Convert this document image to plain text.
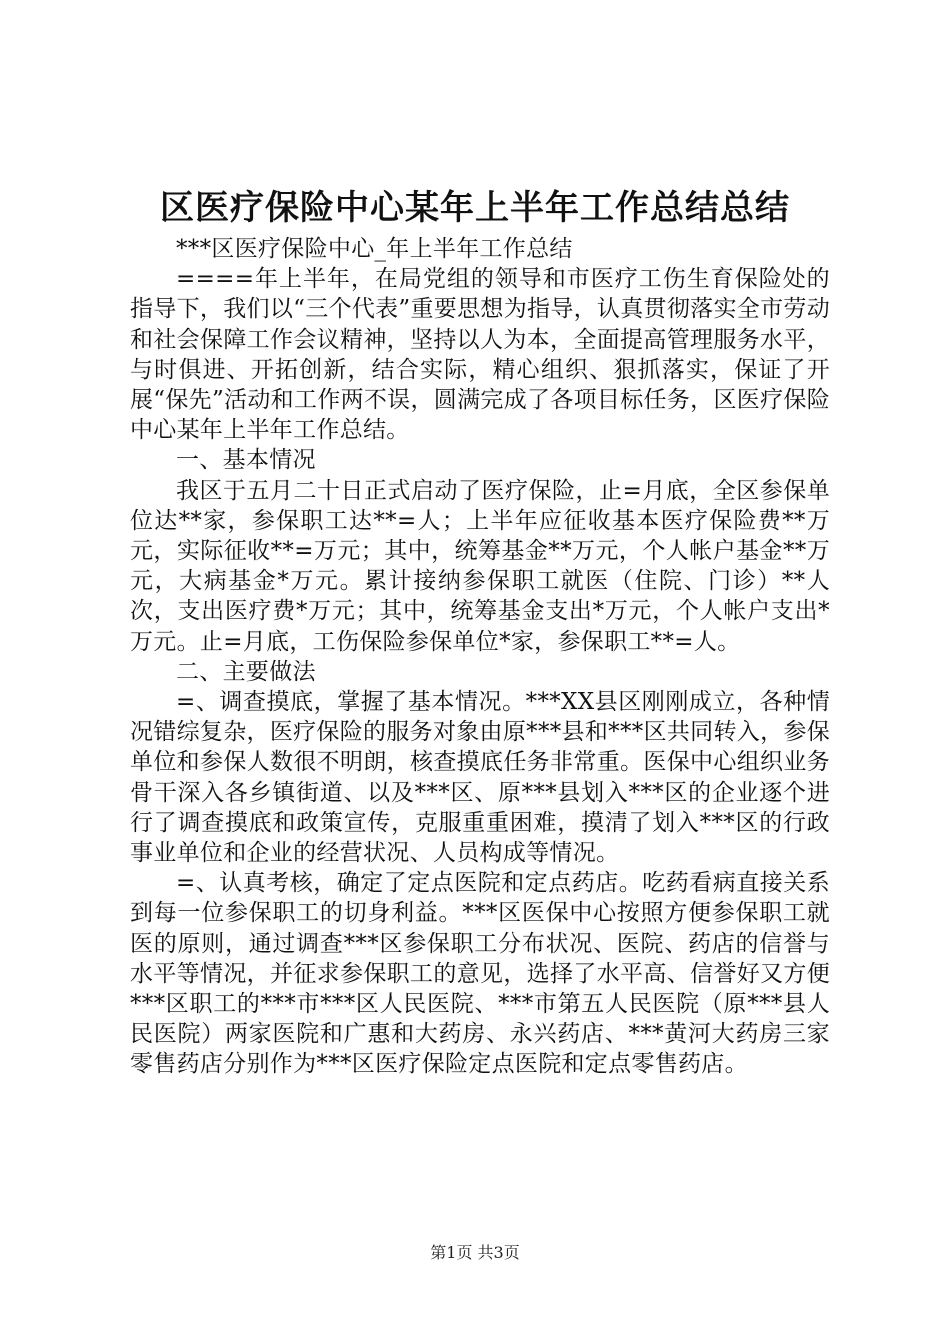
区医疗保险中心某年上半年工作总结总结

***区医疗保险中心_年上半年工作总结

====年上半年，在局党组的领导和市医疗工伤生育保险处的指导下，我们以“三个代表”重要思想为指导，认真贯彻落实全市劳动和社会保障工作会议精神，坚持以人为本，全面提高管理服务水平，与时俱进、开拓创新，结合实际，精心组织、狠抓落实，保证了开展“保先”活动和工作两不误，圆满完成了各项目标任务，区医疗保险中心某年上半年工作总结。

一、基本情况

我区于五月二十日正式启动了医疗保险，止=月底，全区参保单位达**家，参保职工达**=人；上半年应征收基本医疗保险费**万元，实际征收**=万元；其中，统筹基金**万元，个人帐户基金**万元，大病基金*万元。累计接纳参保职工就医（住院、门诊）**人次，支出医疗费*万元；其中，统筹基金支出*万元，个人帐户支出*万元。止=月底，工伤保险参保单位*家，参保职工**=人。

二、主要做法

=、调查摸底，掌握了基本情况。***XX县区刚刚成立，各种情况错综复杂，医疗保险的服务对象由原***县和***区共同转入，参保单位和参保人数很不明朗，核查摸底任务非常重。医保中心组织业务骨干深入各乡镇街道、以及***区、原***县划入***区的企业逐个进行了调查摸底和政策宣传，克服重重困难，摸清了划入***区的行政事业单位和企业的经营状况、人员构成等情况。

=、认真考核，确定了定点医院和定点药店。吃药看病直接关系到每一位参保职工的切身利益。***区医保中心按照方便参保职工就医的原则，通过调查***区参保职工分布状况、医院、药店的信誉与水平等情况，并征求参保职工的意见，选择了水平高、信誉好又方便***区职工的***市***区人民医院、***市第五人民医院（原***县人民医院）两家医院和广惠和大药房、永兴药店、***黄河大药房三家零售药店分别作为***区医疗保险定点医院和定点零售药店。

第1页 共3页
